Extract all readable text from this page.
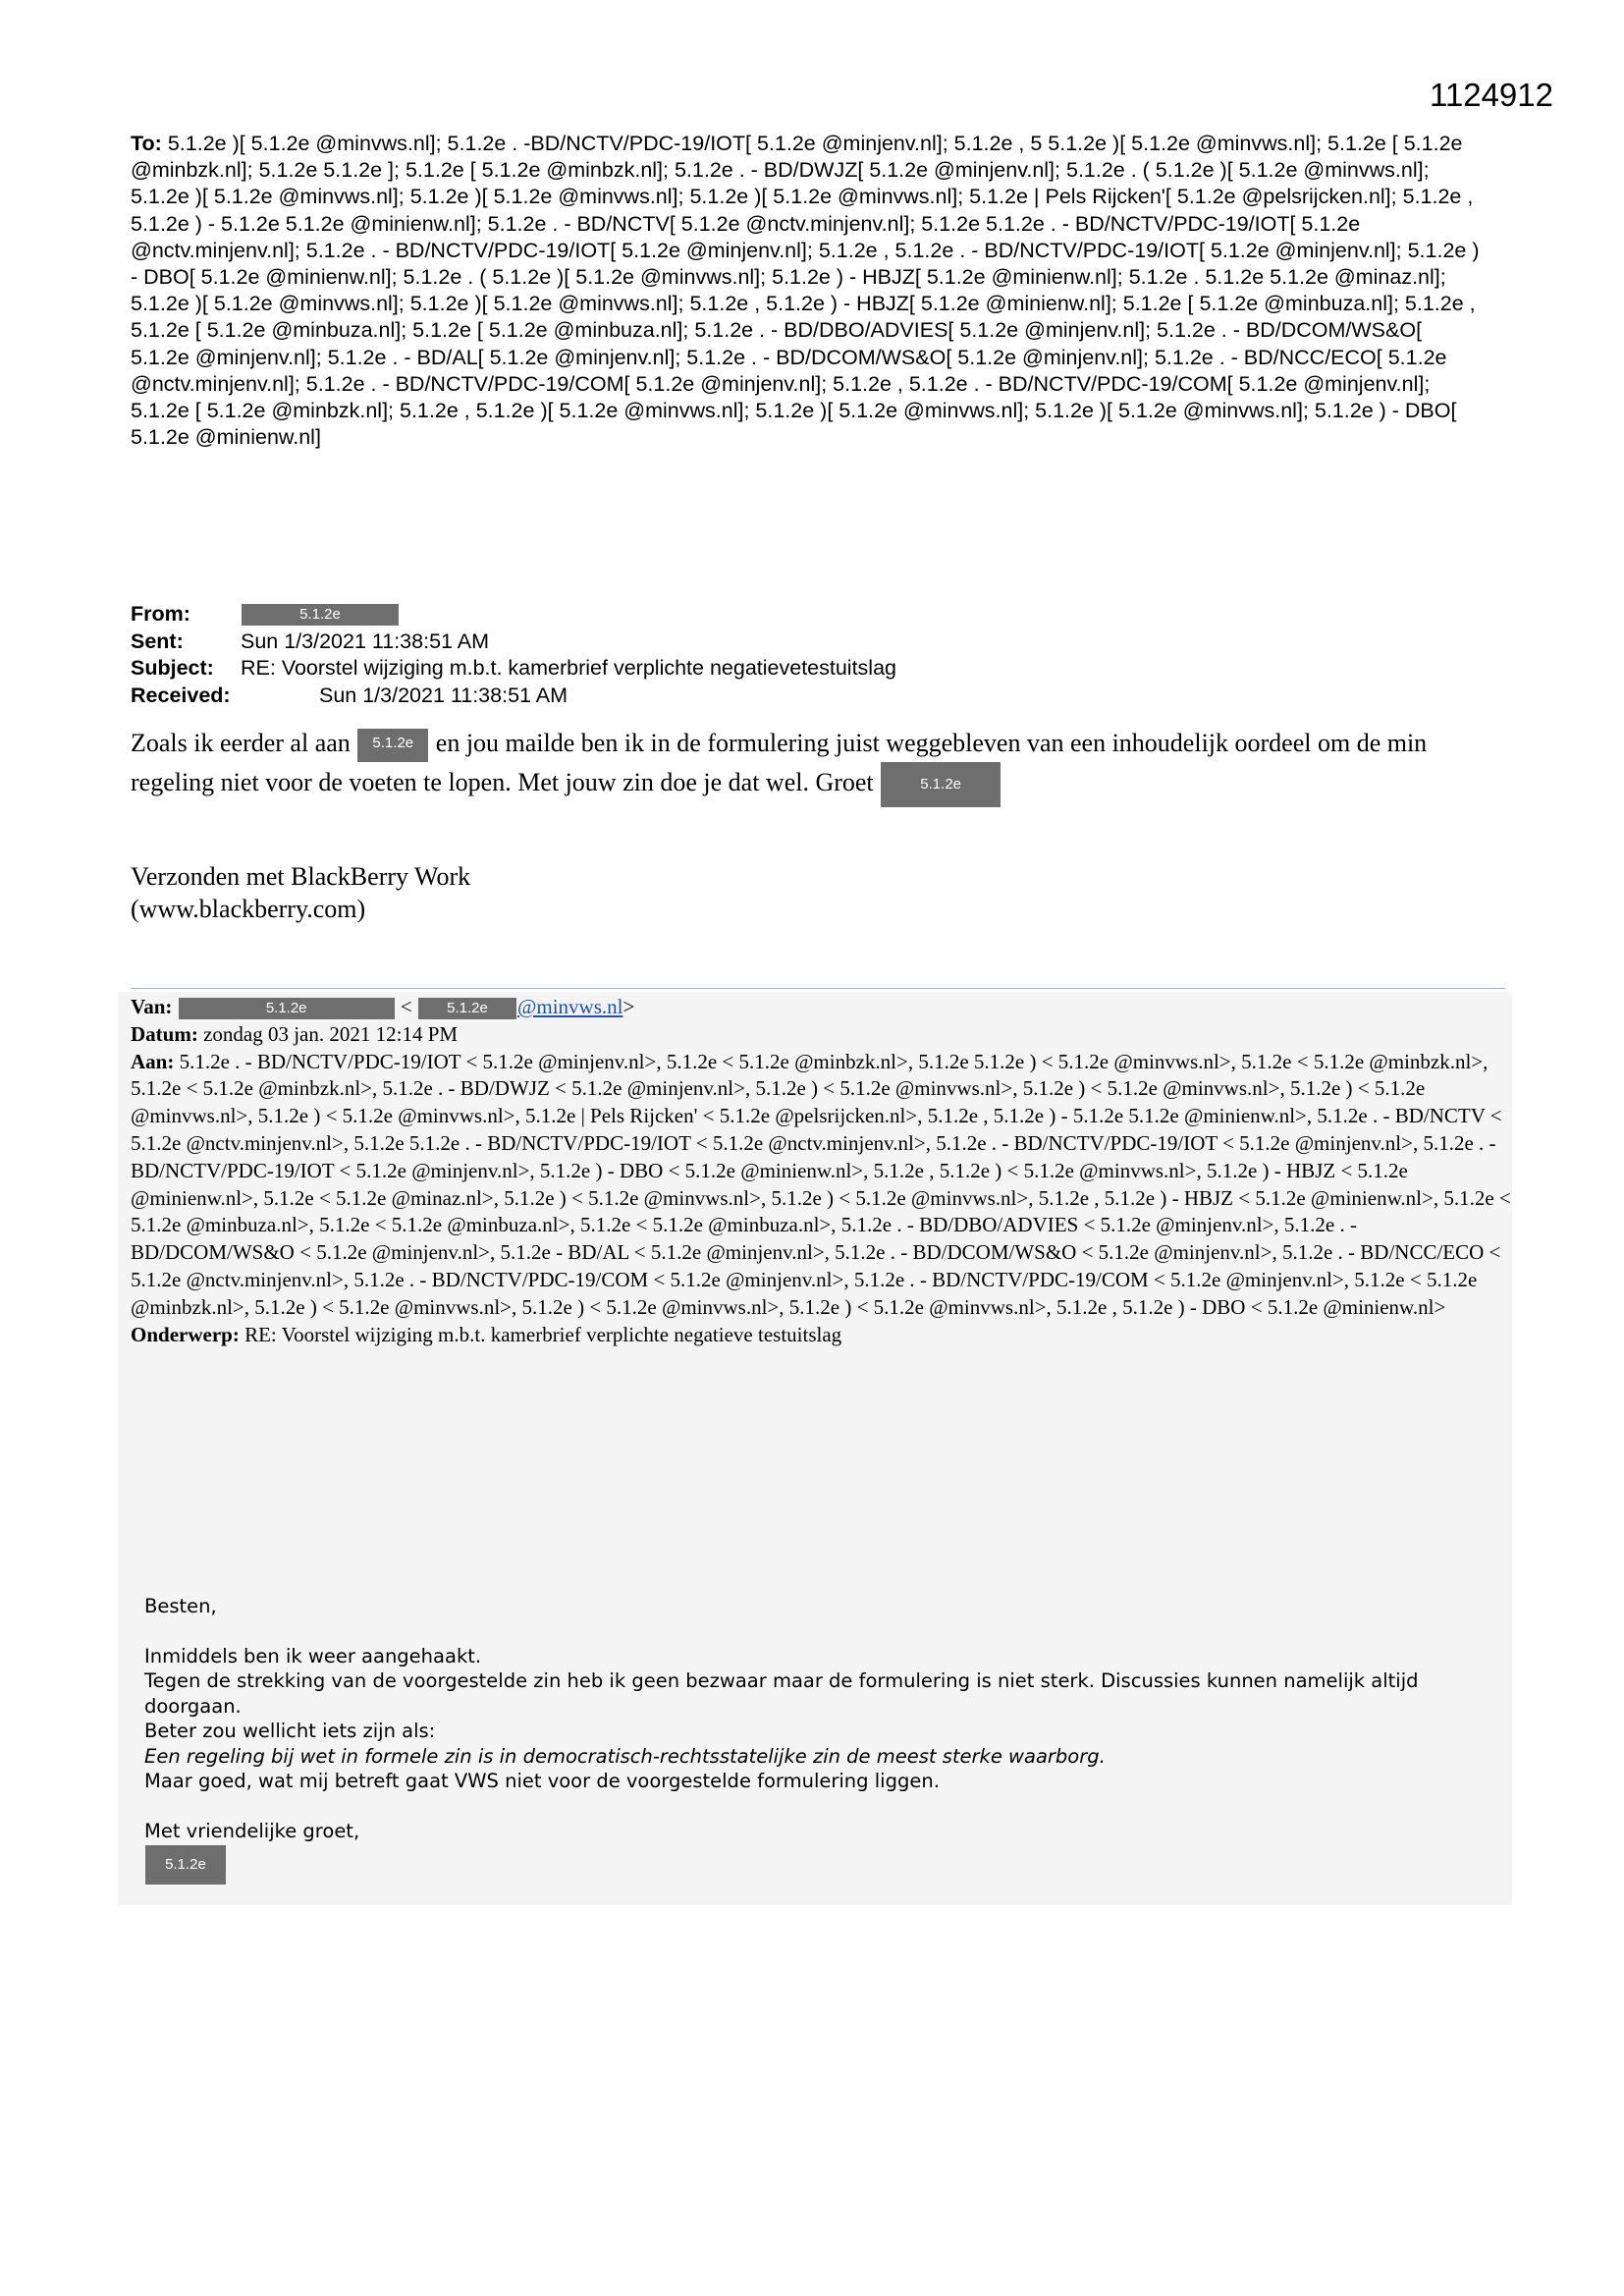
1124912
To: 5.1.2e )[ 5.1.2e @minvws.nl]; 5.1.2e . -BD/NCTV/PDC-19/IOT[ 5.1.2e @minjenv.nl]; 5.1.2e , 5 5.1.2e )[ 5.1.2e @minvws.nl]; 5.1.2e [ 5.1.2e @minbzk.nl]; 5.1.2e 5.1.2e ]; 5.1.2e [ 5.1.2e @minbzk.nl]; 5.1.2e . - BD/DWJZ[ 5.1.2e @minjenv.nl]; 5.1.2e . ( 5.1.2e )[ 5.1.2e @minvws.nl]; 5.1.2e )[ 5.1.2e @minvws.nl]; 5.1.2e )[ 5.1.2e @minvws.nl]; 5.1.2e )[ 5.1.2e @minvws.nl]; 5.1.2e | Pels Rijcken'[ 5.1.2e @pelsrijcken.nl]; 5.1.2e , 5.1.2e ) - 5.1.2e 5.1.2e @minienw.nl]; 5.1.2e . - BD/NCTV[ 5.1.2e @nctv.minjenv.nl]; 5.1.2e 5.1.2e . - BD/NCTV/PDC-19/IOT[ 5.1.2e @nctv.minjenv.nl]; 5.1.2e . - BD/NCTV/PDC-19/IOT[ 5.1.2e @minjenv.nl]; 5.1.2e , 5.1.2e . - BD/NCTV/PDC-19/IOT[ 5.1.2e @minjenv.nl]; 5.1.2e ) - DBO[ 5.1.2e @minienw.nl]; 5.1.2e . ( 5.1.2e )[ 5.1.2e @minvws.nl]; 5.1.2e ) - HBJZ[ 5.1.2e @minienw.nl]; 5.1.2e . 5.1.2e 5.1.2e @minaz.nl]; 5.1.2e )[ 5.1.2e @minvws.nl]; 5.1.2e )[ 5.1.2e @minvws.nl]; 5.1.2e , 5.1.2e ) - HBJZ[ 5.1.2e @minienw.nl]; 5.1.2e [ 5.1.2e @minbuza.nl]; 5.1.2e , 5.1.2e [ 5.1.2e @minbuza.nl]; 5.1.2e [ 5.1.2e @minbuza.nl]; 5.1.2e . - BD/DBO/ADVIES[ 5.1.2e @minjenv.nl]; 5.1.2e . - BD/DCOM/WS&O[ 5.1.2e @minjenv.nl]; 5.1.2e . - BD/AL[ 5.1.2e @minjenv.nl]; 5.1.2e . - BD/DCOM/WS&O[ 5.1.2e @minjenv.nl]; 5.1.2e . - BD/NCC/ECO[ 5.1.2e @nctv.minjenv.nl]; 5.1.2e . - BD/NCTV/PDC-19/COM[ 5.1.2e @minjenv.nl]; 5.1.2e , 5.1.2e . - BD/NCTV/PDC-19/COM[ 5.1.2e @minjenv.nl]; 5.1.2e [ 5.1.2e @minbzk.nl]; 5.1.2e , 5.1.2e )[ 5.1.2e @minvws.nl]; 5.1.2e )[ 5.1.2e @minvws.nl]; 5.1.2e )[ 5.1.2e @minvws.nl]; 5.1.2e ) - DBO[ 5.1.2e @minienw.nl]
From:	5.1.2e
Sent:	Sun 1/3/2021 11:38:51 AM
Subject: RE: Voorstel wijziging m.b.t. kamerbrief verplichte negatievetestuitslag
Received:	Sun 1/3/2021 11:38:51 AM
Zoals ik eerder al aan 5.1.2e en jou mailde ben ik in de formulering juist weggebleven van een inhoudelijk oordeel om de min regeling niet voor de voeten te lopen. Met jouw zin doe je dat wel. Groet	5.1.2e
Verzonden met BlackBerry Work
(www.blackberry.com)
Van:	5.1.2e	< 5.1.2e @minvws.nl>
Datum: zondag 03 jan. 2021 12:14 PM
Aan: 5.1.2e . - BD/NCTV/PDC-19/IOT < 5.1.2e @minjenv.nl>, 5.1.2e < 5.1.2e @minbzk.nl>, 5.1.2e 5.1.2e ) < 5.1.2e @minvws.nl>, 5.1.2e < 5.1.2e @minbzk.nl>, 5.1.2e < 5.1.2e @minbzk.nl>, 5.1.2e . - BD/DWJZ < 5.1.2e @minjenv.nl>, 5.1.2e ) < 5.1.2e @minvws.nl>, 5.1.2e ) < 5.1.2e @minvws.nl>, 5.1.2e ) < 5.1.2e @minvws.nl>, 5.1.2e ) < 5.1.2e @minvws.nl>, 5.1.2e | Pels Rijcken' < 5.1.2e @pelsrijcken.nl>, 5.1.2e , 5.1.2e ) - 5.1.2e 5.1.2e @minienw.nl>, 5.1.2e . - BD/NCTV < 5.1.2e @nctv.minjenv.nl>, 5.1.2e 5.1.2e . - BD/NCTV/PDC-19/IOT < 5.1.2e @nctv.minjenv.nl>, 5.1.2e . - BD/NCTV/PDC-19/IOT < 5.1.2e @minjenv.nl>, 5.1.2e . - BD/NCTV/PDC-19/IOT < 5.1.2e @minjenv.nl>, 5.1.2e ) - DBO < 5.1.2e @minienw.nl>, 5.1.2e , 5.1.2e ) < 5.1.2e @minvws.nl>, 5.1.2e ) - HBJZ < 5.1.2e @minienw.nl>, 5.1.2e < 5.1.2e @minaz.nl>, 5.1.2e ) < 5.1.2e @minvws.nl>, 5.1.2e ) < 5.1.2e @minvws.nl>, 5.1.2e , 5.1.2e ) - HBJZ < 5.1.2e @minienw.nl>, 5.1.2e < 5.1.2e @minbuza.nl>, 5.1.2e < 5.1.2e @minbuza.nl>, 5.1.2e < 5.1.2e @minbuza.nl>, 5.1.2e . - BD/DBO/ADVIES < 5.1.2e @minjenv.nl>, 5.1.2e . - BD/DCOM/WS&O < 5.1.2e @minjenv.nl>, 5.1.2e - BD/AL < 5.1.2e @minjenv.nl>, 5.1.2e . - BD/DCOM/WS&O < 5.1.2e @minjenv.nl>, 5.1.2e . - BD/NCC/ECO < 5.1.2e @nctv.minjenv.nl>, 5.1.2e . - BD/NCTV/PDC-19/COM < 5.1.2e @minjenv.nl>, 5.1.2e . - BD/NCTV/PDC-19/COM < 5.1.2e @minjenv.nl>, 5.1.2e < 5.1.2e @minbzk.nl>, 5.1.2e ) < 5.1.2e @minvws.nl>, 5.1.2e ) < 5.1.2e @minvws.nl>, 5.1.2e ) < 5.1.2e @minvws.nl>, 5.1.2e , 5.1.2e ) - DBO < 5.1.2e @minienw.nl>
Onderwerp: RE: Voorstel wijziging m.b.t. kamerbrief verplichte negatieve testuitslag

Besten,

Inmiddels ben ik weer aangehaakt.

Tegen de strekking van de voorgestelde zin heb ik geen bezwaar maar de formulering is niet sterk. Discussies kunnen namelijk altijd doorgaan.

Beter zou wellicht iets zijn als:

Een regeling bij wet in formele zin is in democratisch-rechtsstatelijke zin de meest sterke waarborg.

Maar goed, wat mij betreft gaat VWS niet voor de voorgestelde formulering liggen.

Met vriendelijke groet,

5.1.2e
